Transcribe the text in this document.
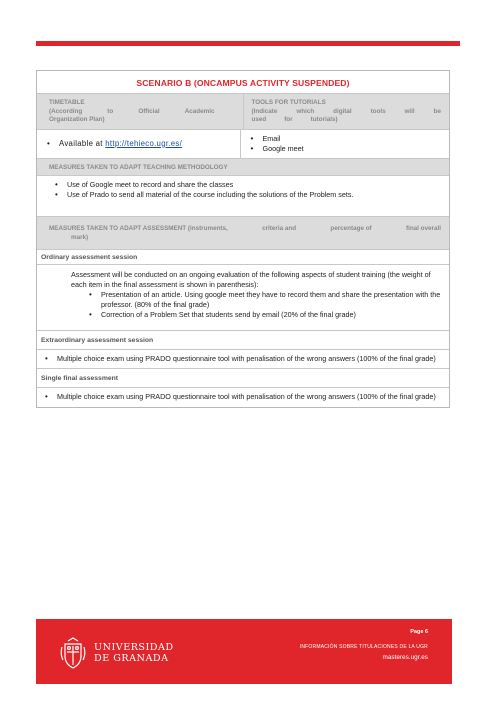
SCENARIO B (ONCAMPUS ACTIVITY SUSPENDED)
TIMETABLE
(According	to	Official	Academic
Organization Plan)
TOOLS FOR TUTORIALS
(Indicate	which	digital	tools	will	be
used	for	tutorials)
• Available at http://tehieco.ugr.es/
• Email
• Google meet
MEASURES TAKEN TO ADAPT TEACHING METHODOLOGY
• Use of Google meet to record and share the classes
• Use of Prado to send all material of the course including the solutions of the Problem sets.
MEASURES TAKEN TO ADAPT ASSESSMENT (instruments,	criteria and	percentage of	final overall
mark)
Ordinary assessment session
Assessment will be conducted on an ongoing evaluation of the following aspects of student training (the weight of each item in the final assessment is shown in parenthesis):
• Presentation of an article. Using google meet they have to record them and share the presentation with the professor. (80% of the final grade)
• Correction of a Problem Set that students send by email (20% of the final grade)
Extraordinary assessment session
• Multiple choice exam using PRADO questionnaire tool with penalisation of the wrong answers (100% of the final grade)
Single final assessment
• Multiple choice exam using PRADO questionnaire tool with penalisation of the wrong answers (100% of the final grade)
UNIVERSIDAD
DE GRANADA
Page 6
INFORMACIÓN SOBRE TITULACIONES DE LA UGR
masteres.ugr.es
